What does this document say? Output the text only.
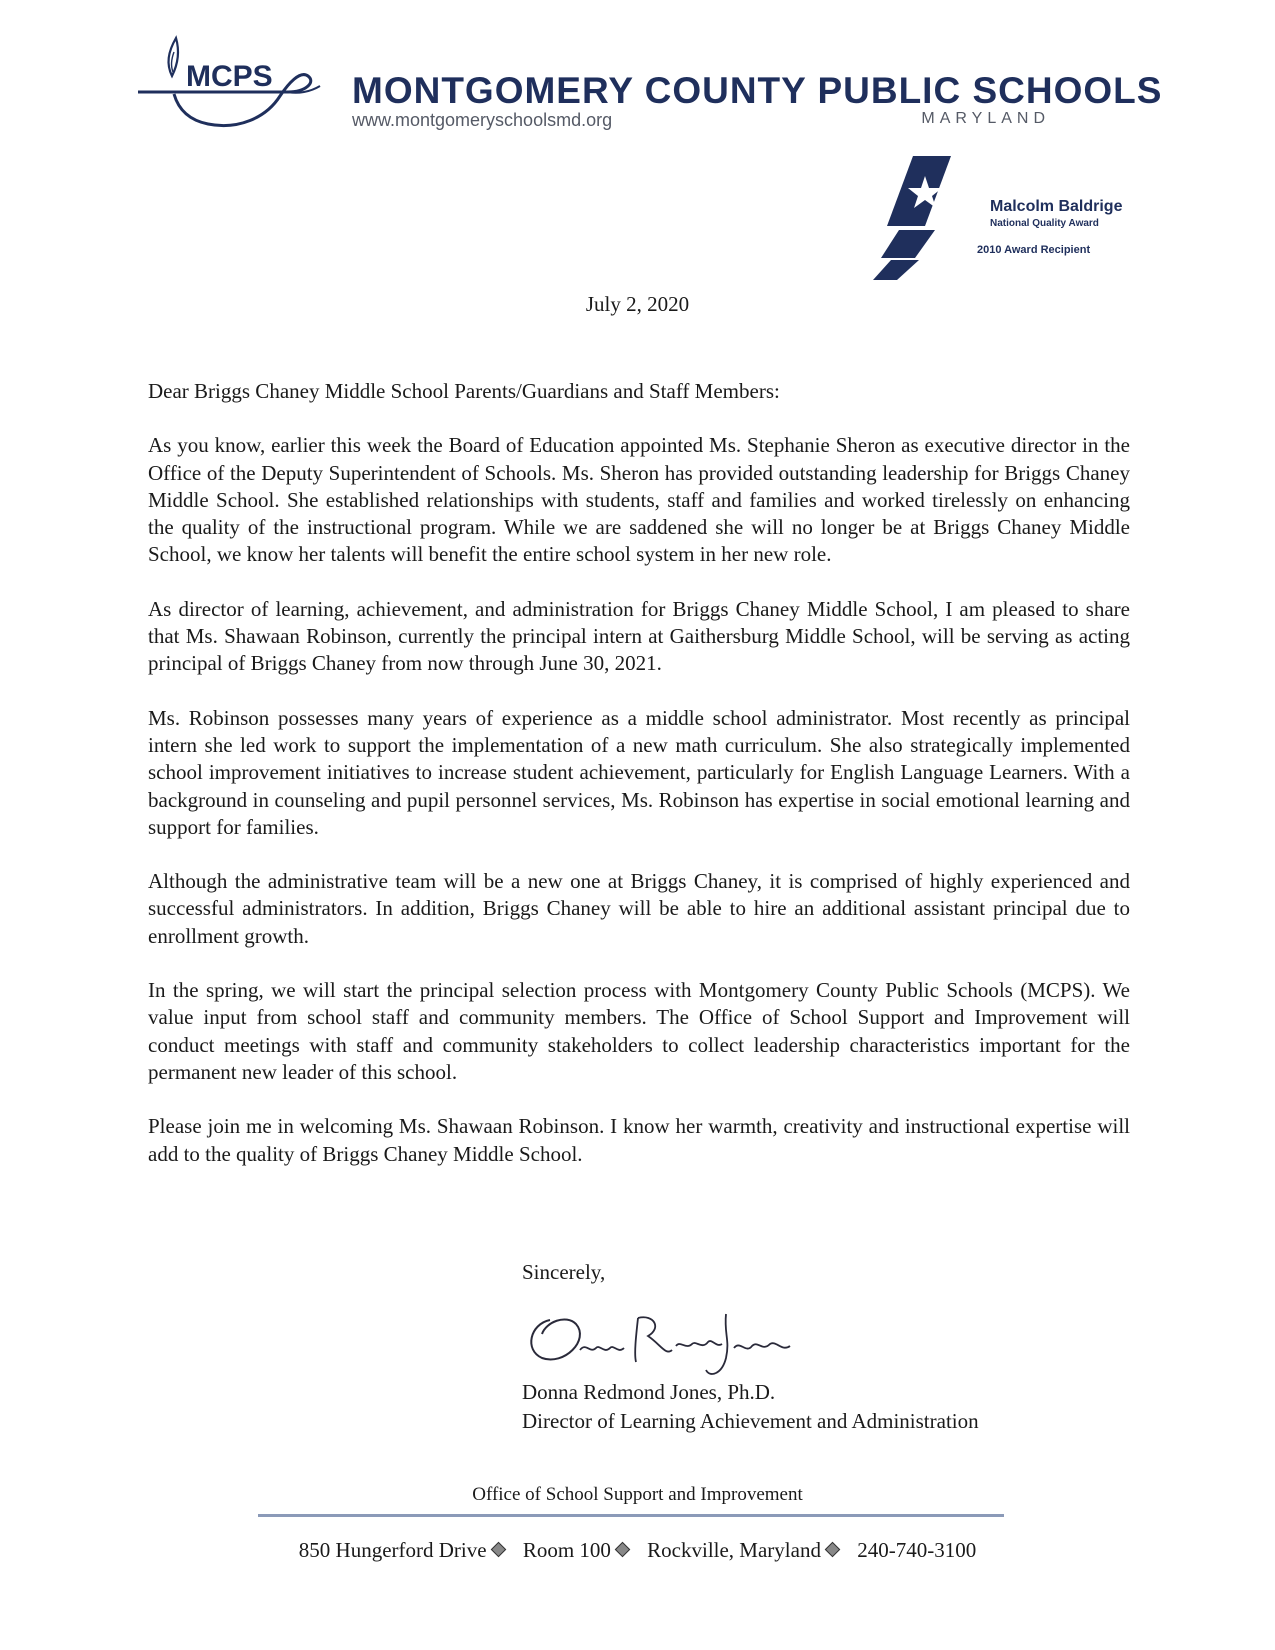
MCPS MONTGOMERY COUNTY PUBLIC SCHOOLS
www.montgomeryschoolsmd.org	MARYLAND
Malcolm Baldrige
National Quality Award
2010 Award Recipient
July 2, 2020

Dear Briggs Chaney Middle School Parents/Guardians and Staff Members:

As you know, earlier this week the Board of Education appointed Ms. Stephanie Sheron as executive director in the Office of the Deputy Superintendent of Schools. Ms. Sheron has provided outstanding leadership for Briggs Chaney Middle School. She established relationships with students, staff and families and worked tirelessly on enhancing the quality of the instructional program. While we are saddened she will no longer be at Briggs Chaney Middle School, we know her talents will benefit the entire school system in her new role.

As director of learning, achievement, and administration for Briggs Chaney Middle School, I am pleased to share that Ms. Shawaan Robinson, currently the principal intern at Gaithersburg Middle School, will be serving as acting principal of Briggs Chaney from now through June 30, 2021.

Ms. Robinson possesses many years of experience as a middle school administrator. Most recently as principal intern she led work to support the implementation of a new math curriculum. She also strategically implemented school improvement initiatives to increase student achievement, particularly for English Language Learners. With a background in counseling and pupil personnel services, Ms. Robinson has expertise in social emotional learning and support for families.

Although the administrative team will be a new one at Briggs Chaney, it is comprised of highly experienced and successful administrators. In addition, Briggs Chaney will be able to hire an additional assistant principal due to enrollment growth.

In the spring, we will start the principal selection process with Montgomery County Public Schools (MCPS). We value input from school staff and community members. The Office of School Support and Improvement will conduct meetings with staff and community stakeholders to collect leadership characteristics important for the permanent new leader of this school.

Please join me in welcoming Ms. Shawaan Robinson. I know her warmth, creativity and instructional expertise will add to the quality of Briggs Chaney Middle School.

Sincerely,
Donna Redmond Jones, Ph.D.
Director of Learning Achievement and Administration
Office of School Support and Improvement
850 Hungerford Drive Room 100 Rockville, Maryland 240-740-3100
